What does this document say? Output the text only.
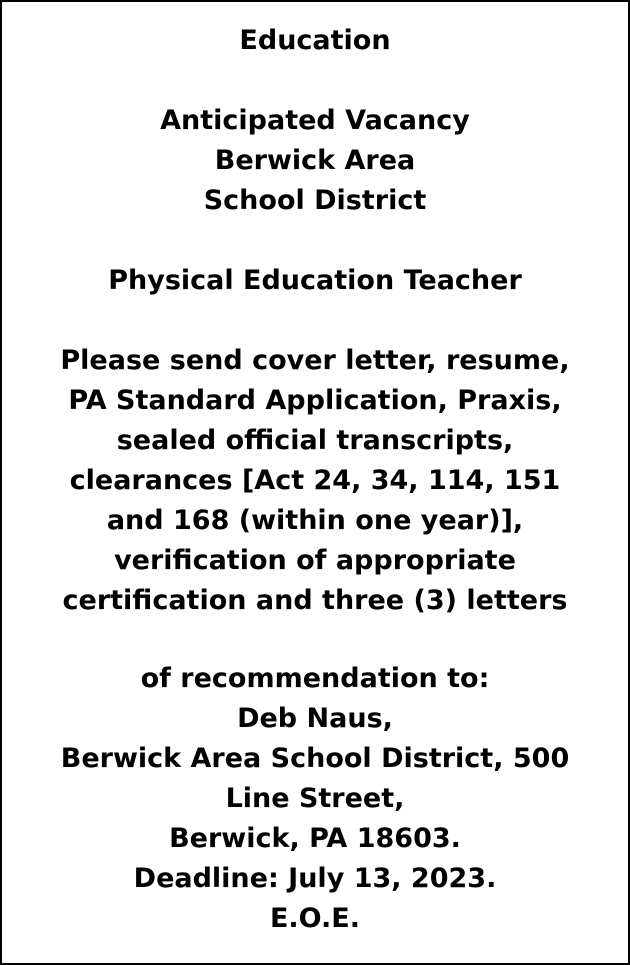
Education
Anticipated Vacancy
Berwick Area
School District
Physical Education Teacher
Please send cover letter, resume,
PA Standard Application, Praxis,
sealed official transcripts,
clearances [Act 24, 34, 114, 151
and 168 (within one year)],
verification of appropriate
certification and three (3) letters
of recommendation to:
Deb Naus,
Berwick Area School District, 500
Line Street,
Berwick, PA 18603.
Deadline: July 13, 2023.
E.O.E.
